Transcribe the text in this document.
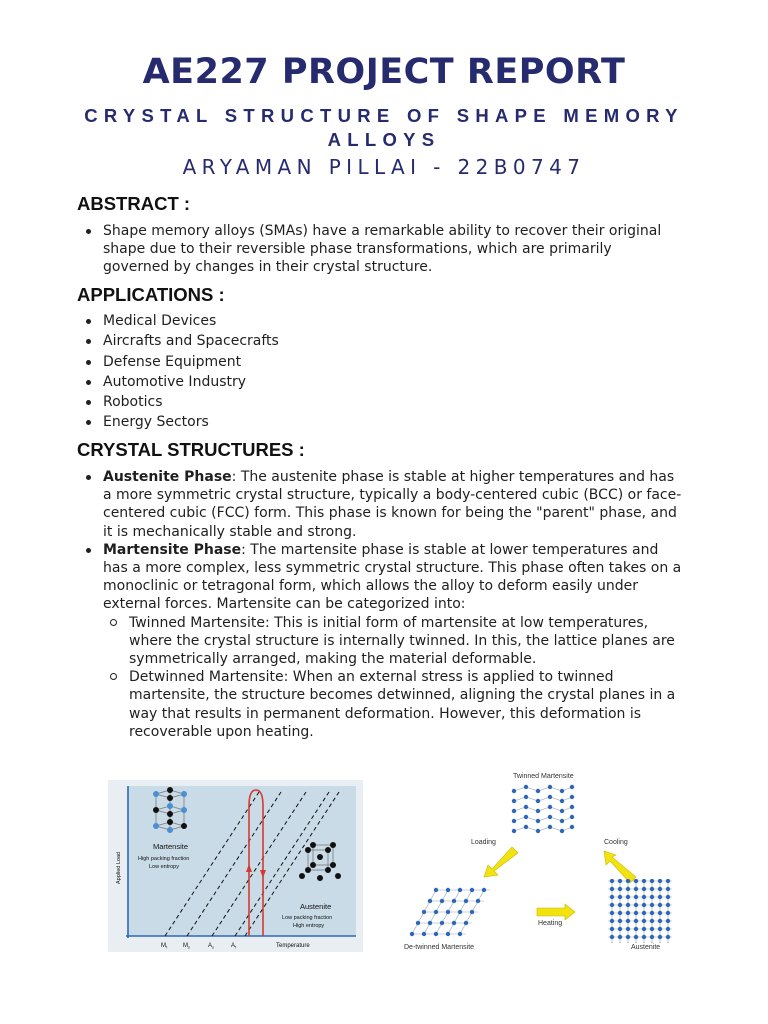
AE227 PROJECT REPORT
CRYSTAL STRUCTURE OF SHAPE MEMORY ALLOYS
ARYAMAN PILLAI - 22B0747
ABSTRACT :
Shape memory alloys (SMAs) have a remarkable ability to recover their original shape due to their reversible phase transformations, which are primarily governed by changes in their crystal structure.
APPLICATIONS :
Medical Devices
Aircrafts and Spacecrafts
Defense Equipment
Automotive Industry
Robotics
Energy Sectors
CRYSTAL STRUCTURES :
Austenite Phase: The austenite phase is stable at higher temperatures and has a more symmetric crystal structure, typically a body-centered cubic (BCC) or face-centered cubic (FCC) form. This phase is known for being the "parent" phase, and it is mechanically stable and strong.
Martensite Phase: The martensite phase is stable at lower temperatures and has a more complex, less symmetric crystal structure. This phase often takes on a monoclinic or tetragonal form, which allows the alloy to deform easily under external forces. Martensite can be categorized into:
Twinned Martensite: This is initial form of martensite at low temperatures, where the crystal structure is internally twinned. In this, the lattice planes are symmetrically arranged, making the material deformable.
Detwinned Martensite: When an external stress is applied to twinned martensite, the structure becomes detwinned, aligning the crystal planes in a way that results in permanent deformation. However, this deformation is recoverable upon heating.
Martensite
High packing fraction
Low entropy
Austenite
Low packing fraction
High entropy
Applied Load
Temperature
$M_f$	$M_s$	$A_s$	$A_f$
Twinned Martensite
Loading	Cooling
Heating
De-twinned Martensite	Austenite
